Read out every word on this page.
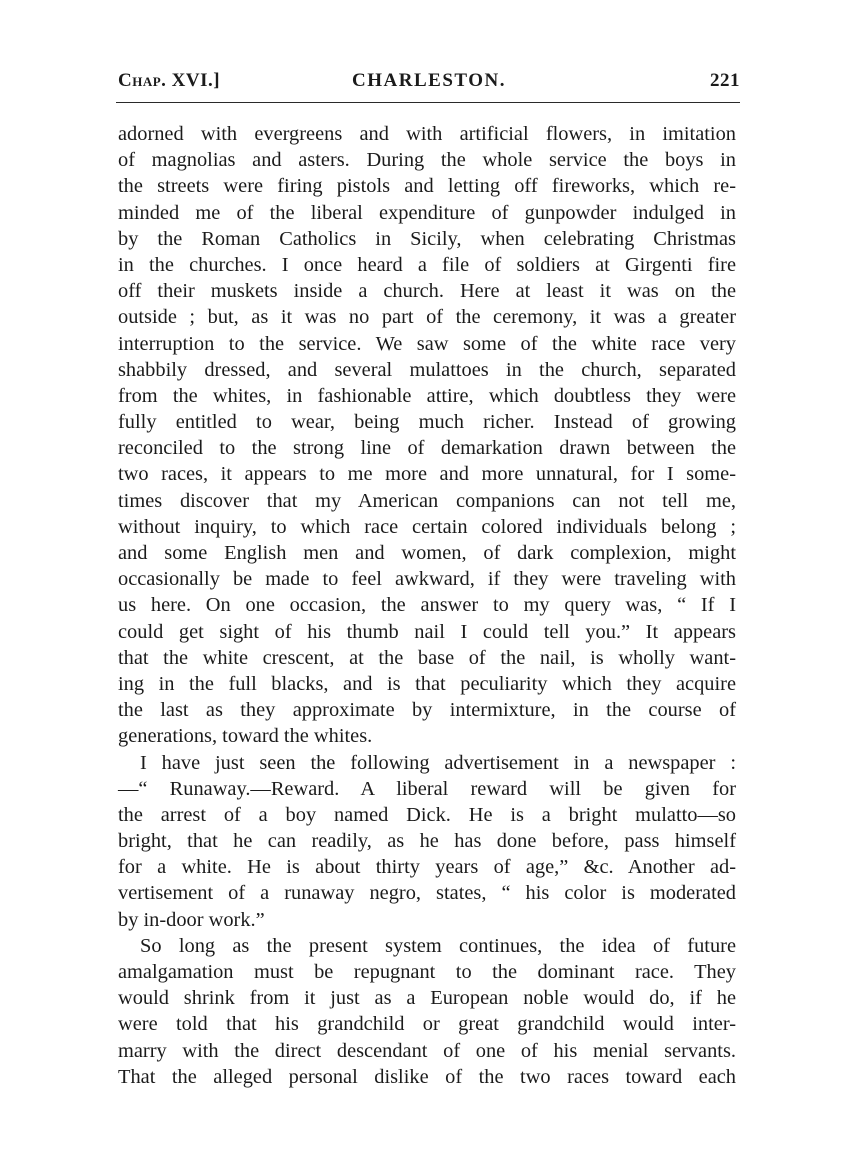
Chap. XVI.]	CHARLESTON.	221
adorned with evergreens and with artificial flowers, in imitation
of magnolias and asters. During the whole service the boys in
the streets were firing pistols and letting off fireworks, which re-
minded me of the liberal expenditure of gunpowder indulged in
by the Roman Catholics in Sicily, when celebrating Christmas
in the churches. I once heard a file of soldiers at Girgenti fire
off their muskets inside a church. Here at least it was on the
outside ; but, as it was no part of the ceremony, it was a greater
interruption to the service. We saw some of the white race very
shabbily dressed, and several mulattoes in the church, separated
from the whites, in fashionable attire, which doubtless they were
fully entitled to wear, being much richer. Instead of growing
reconciled to the strong line of demarkation drawn between the
two races, it appears to me more and more unnatural, for I some-
times discover that my American companions can not tell me,
without inquiry, to which race certain colored individuals belong ;
and some English men and women, of dark complexion, might
occasionally be made to feel awkward, if they were traveling with
us here. On one occasion, the answer to my query was, “ If I
could get sight of his thumb nail I could tell you.” It appears
that the white crescent, at the base of the nail, is wholly want-
ing in the full blacks, and is that peculiarity which they acquire
the last as they approximate by intermixture, in the course of
generations, toward the whites.
I have just seen the following advertisement in a newspaper :
—“ Runaway.—Reward. A liberal reward will be given for
the arrest of a boy named Dick. He is a bright mulatto—so
bright, that he can readily, as he has done before, pass himself
for a white. He is about thirty years of age,” &c. Another ad-
vertisement of a runaway negro, states, “ his color is moderated
by in-door work.”
So long as the present system continues, the idea of future
amalgamation must be repugnant to the dominant race. They
would shrink from it just as a European noble would do, if he
were told that his grandchild or great grandchild would inter-
marry with the direct descendant of one of his menial servants.
That the alleged personal dislike of the two races toward each
